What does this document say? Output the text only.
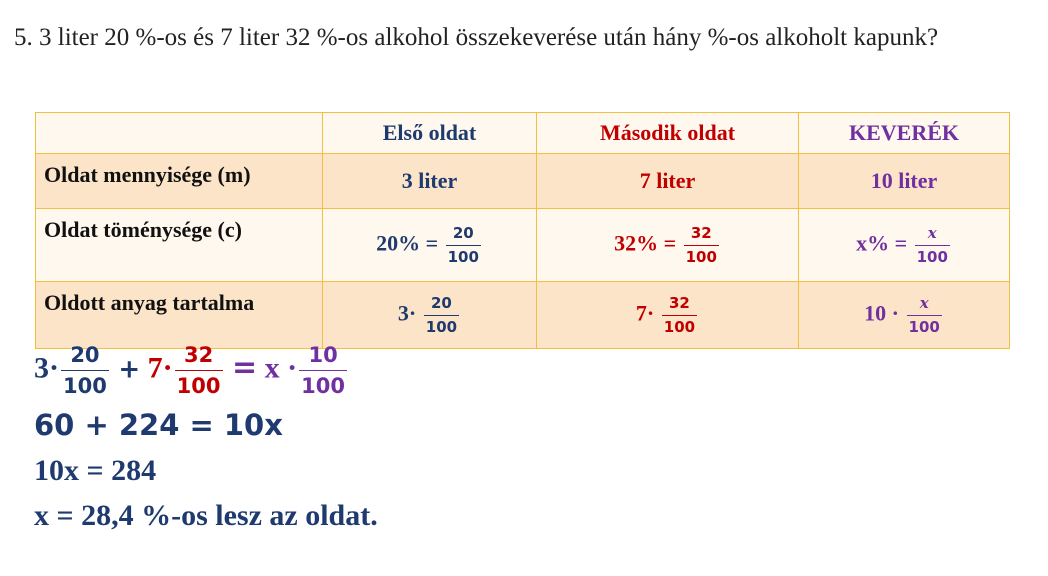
5. 3 liter 20 %-os és 7 liter 32 %-os alkohol összekeverése után hány %-os alkoholt kapunk?
	Első oldat	Második oldat	KEVERÉK
Oldat mennyisége (m)	3 liter	7 liter	10 liter
Oldat töménysége (c)	$20\% = \frac{20}{100}$	$32\% = \frac{32}{100}$	$x\% = \frac{x}{100}$

Oldott anyag tartalma	$3\cdot \frac{20}{100}$	$7\cdot \frac{32}{100}$	$10 \cdot \frac{x}{100}$
$3\cdot \frac{20}{100} + 7\cdot \frac{32}{100} = x \cdot \frac{10}{100}$
60 + 224 = 10x
10x = 284
x = 28,4 %-os lesz az oldat.
